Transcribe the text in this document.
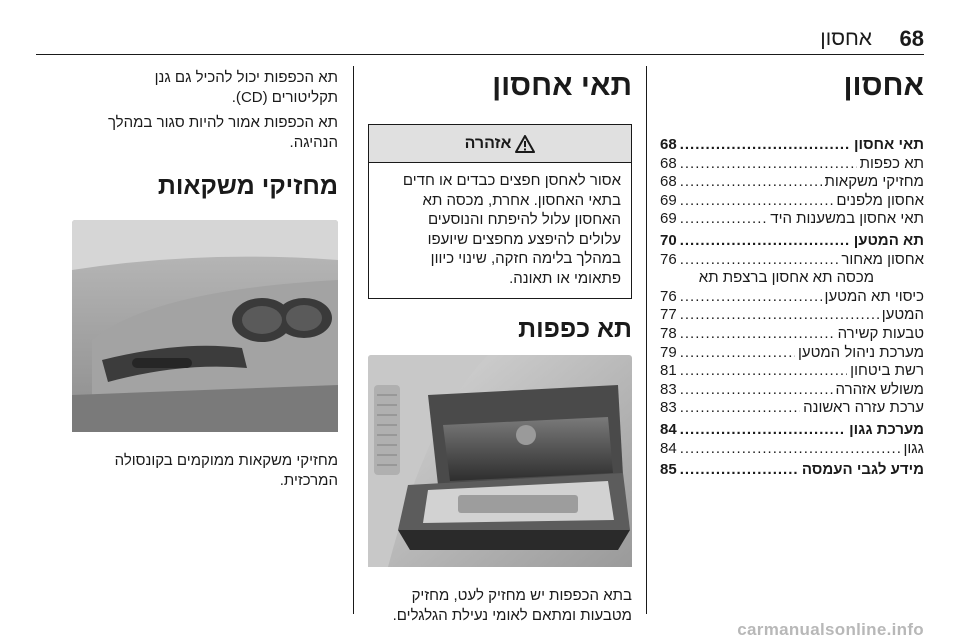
68
אחסון
אחסון
תאי אחסון
.....
68
תא כפפות
.....
68
מחזיקי משקאות
.....
68
אחסון מלפנים
.....
69
תאי אחסון במשענות היד
.....
69
תא המטען
.....
70
אחסון מאחור
.....
76
מכסה תא אחסון ברצפת תא
כיסוי תא המטען
.....
76
המטען
.....
77
טבעות קשירה
.....
78
מערכת ניהול המטען
.....
79
רשת ביטחון
.....
81
משולש אזהרה
.....
83
ערכת עזרה ראשונה
.....
83
מערכת גגון
.....
84
גגון
.....
84
מידע לגבי העמסה
.....
85
תאי אחסון
אזהרה
אסור לאחסן חפצים כבדים או חדים
בתאי האחסון. אחרת, מכסה תא
האחסון עלול להיפתח והנוסעים
עלולים להיפצע מחפצים שיועפו
במהלך בלימה חזקה, שינוי כיוון
פתאומי או תאונה.
תא כפפות
בתא הכפפות יש מחזיק לעט, מחזיק
מטבעות ומתאם לאומי נעילת הגלגלים.
תא הכפפות יכול להכיל גם גנן
תקליטורים (CD).
תא הכפפות אמור להיות סגור במהלך
הנהיגה.
מחזיקי משקאות
מחזיקי משקאות ממוקמים בקונסולה
המרכזית.
carmanualsonline.info
